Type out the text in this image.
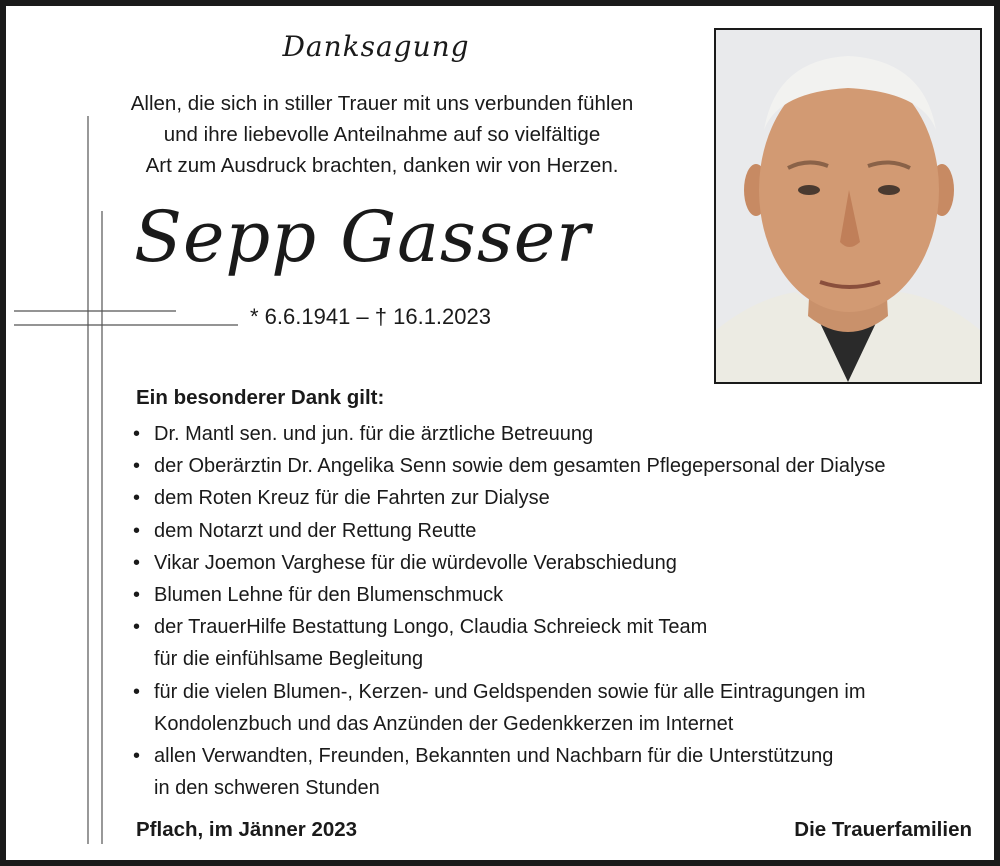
Danksagung
Allen, die sich in stiller Trauer mit uns verbunden fühlen
und ihre liebevolle Anteilnahme auf so vielfältige
Art zum Ausdruck brachten, danken wir von Herzen.
Sepp Gasser
* 6.6.1941 – † 16.1.2023
Ein besonderer Dank gilt:
• Dr. Mantl sen. und jun. für die ärztliche Betreuung
• der Oberärztin Dr. Angelika Senn sowie dem gesamten Pflegepersonal der Dialyse
• dem Roten Kreuz für die Fahrten zur Dialyse
• dem Notarzt und der Rettung Reutte
• Vikar Joemon Varghese für die würdevolle Verabschiedung
• Blumen Lehne für den Blumenschmuck
• der TrauerHilfe Bestattung Longo, Claudia Schreieck mit Team
für die einfühlsame Begleitung
• für die vielen Blumen-, Kerzen- und Geldspenden sowie für alle Eintragungen im
Kondolenzbuch und das Anzünden der Gedenkkerzen im Internet
• allen Verwandten, Freunden, Bekannten und Nachbarn für die Unterstützung
in den schweren Stunden
Pflach, im Jänner 2023	Die Trauerfamilien
